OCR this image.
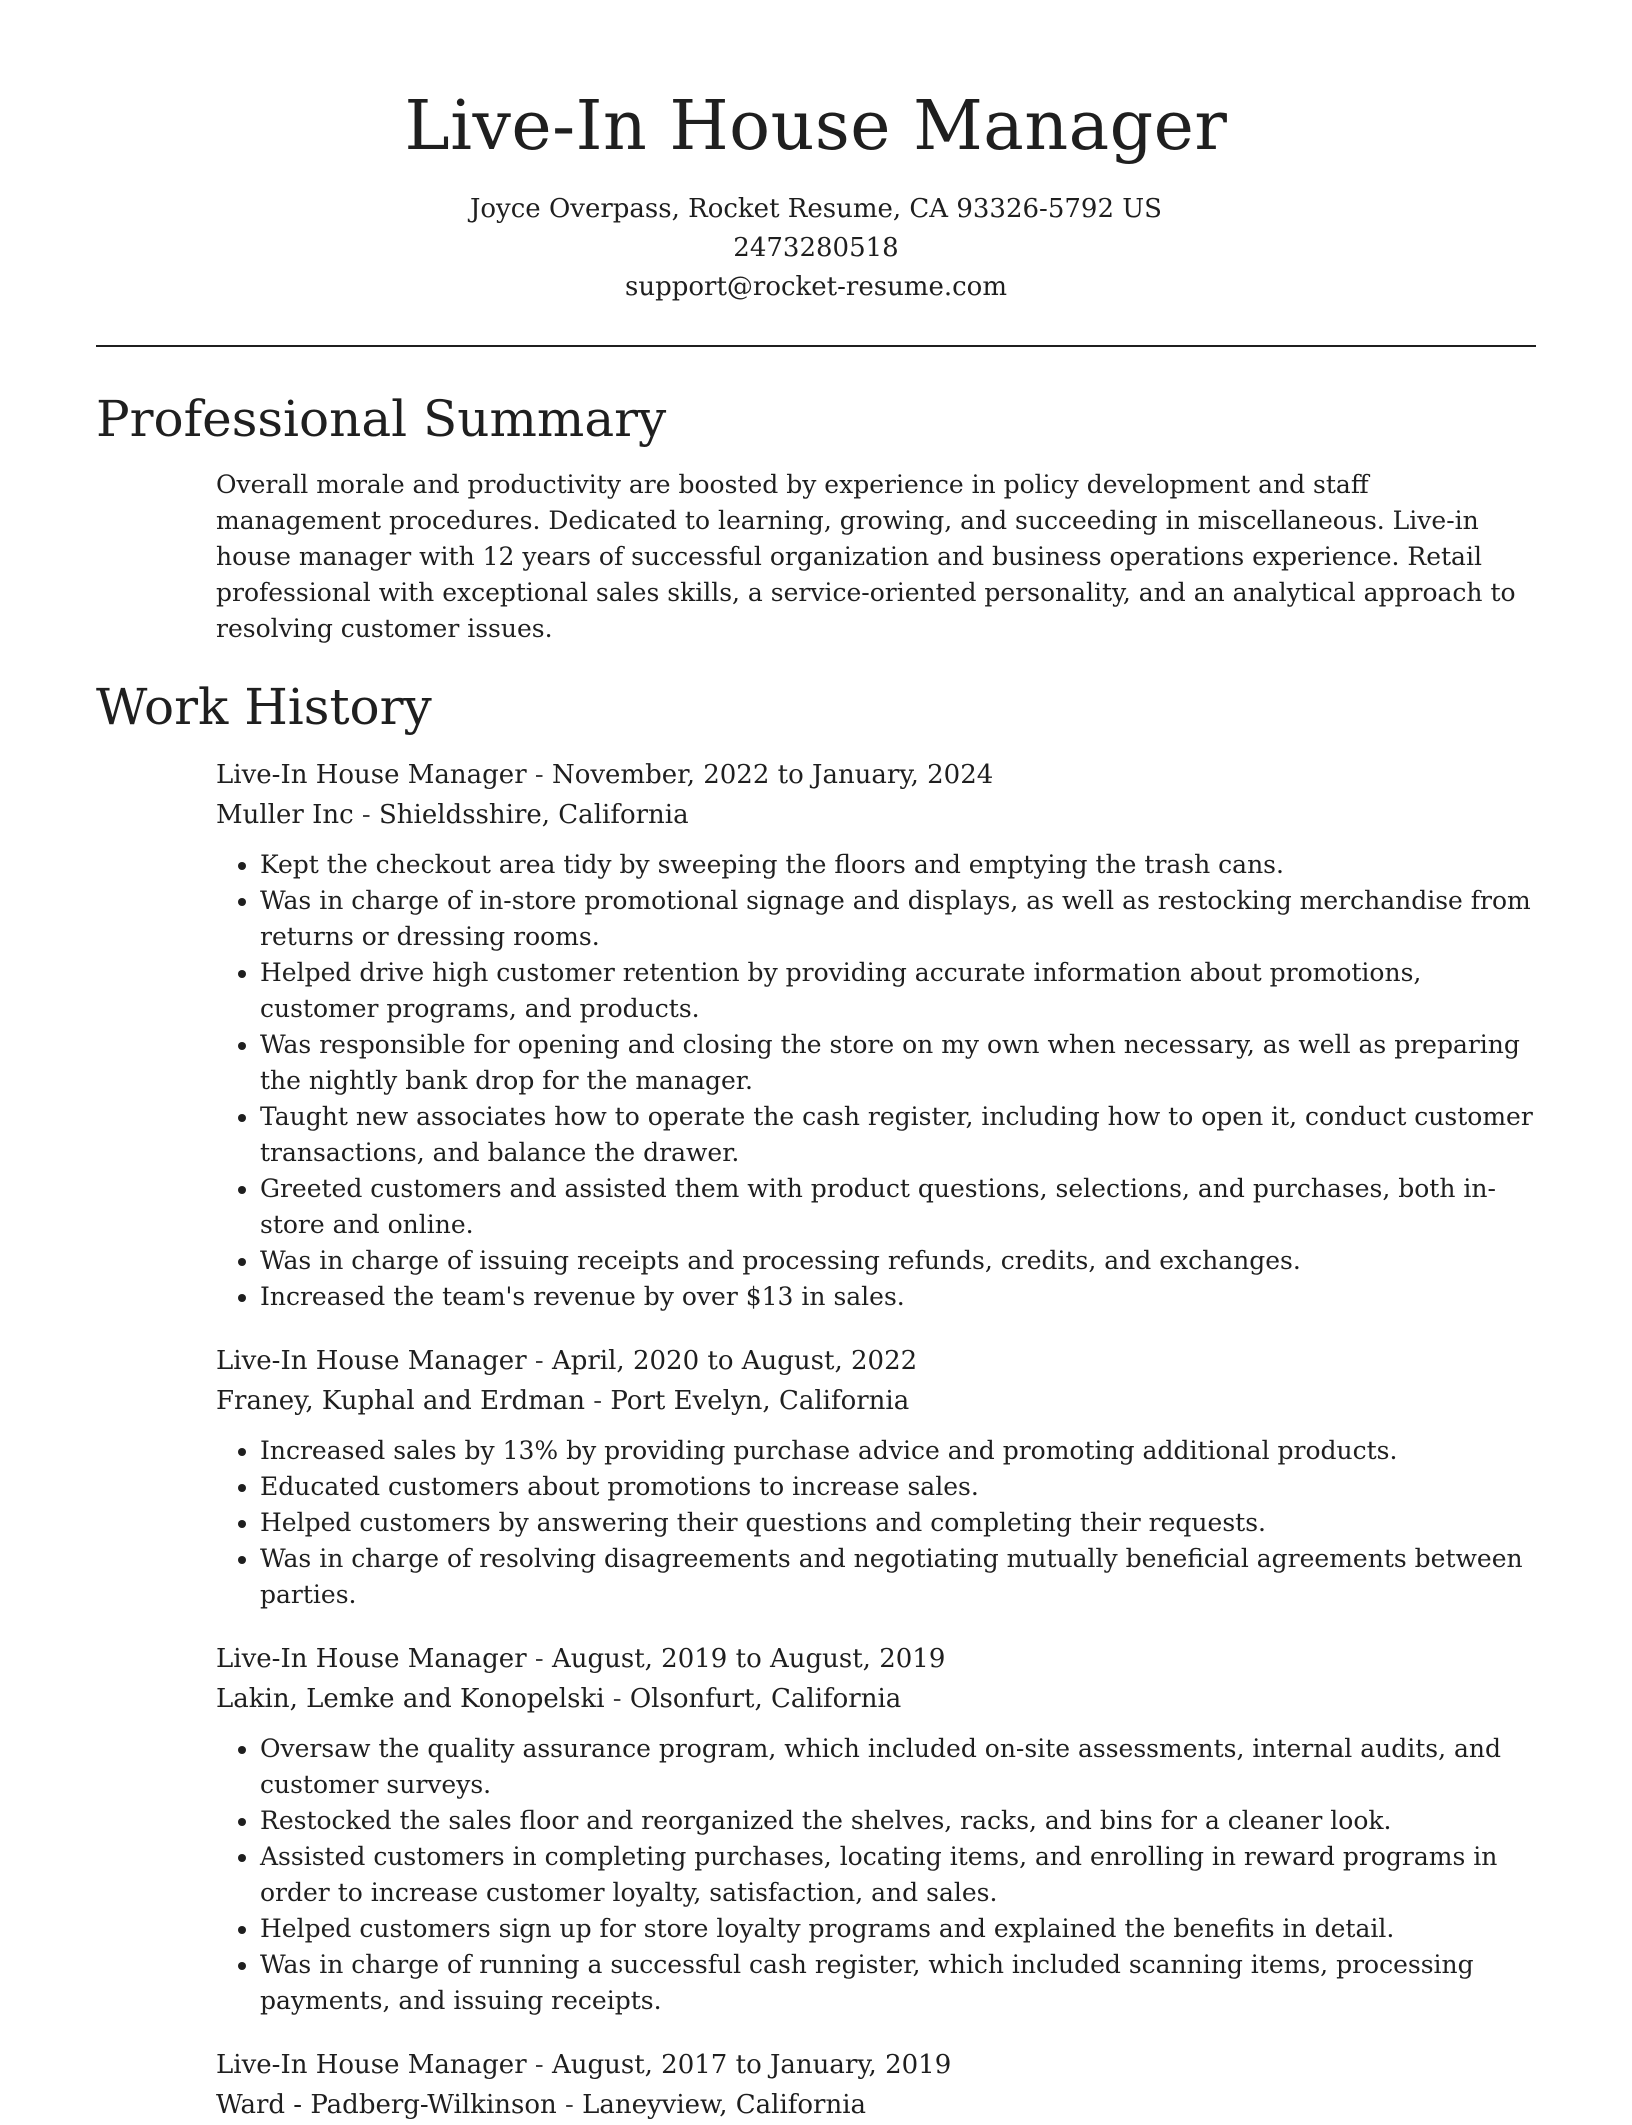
Live-In House Manager
Joyce Overpass, Rocket Resume, CA 93326-5792 US
2473280518
support@rocket-resume.com
Professional Summary

Overall morale and productivity are boosted by experience in policy development and staff management procedures. Dedicated to learning, growing, and succeeding in miscellaneous. Live-in house manager with 12 years of successful organization and business operations experience. Retail professional with exceptional sales skills, a service-oriented personality, and an analytical approach to resolving customer issues.

Work History
Live-In House Manager - November, 2022 to January, 2024
Muller Inc - Shieldsshire, California
• Kept the checkout area tidy by sweeping the floors and emptying the trash cans.
• Was in charge of in-store promotional signage and displays, as well as restocking merchandise from returns or dressing rooms.
• Helped drive high customer retention by providing accurate information about promotions, customer programs, and products.
• Was responsible for opening and closing the store on my own when necessary, as well as preparing the nightly bank drop for the manager.
• Taught new associates how to operate the cash register, including how to open it, conduct customer transactions, and balance the drawer.
• Greeted customers and assisted them with product questions, selections, and purchases, both in-store and online.
• Was in charge of issuing receipts and processing refunds, credits, and exchanges.
• Increased the team's revenue by over $13 in sales.
Live-In House Manager - April, 2020 to August, 2022
Franey, Kuphal and Erdman - Port Evelyn, California
• Increased sales by 13% by providing purchase advice and promoting additional products.
• Educated customers about promotions to increase sales.
• Helped customers by answering their questions and completing their requests.
• Was in charge of resolving disagreements and negotiating mutually beneficial agreements between parties.
Live-In House Manager - August, 2019 to August, 2019
Lakin, Lemke and Konopelski - Olsonfurt, California
• Oversaw the quality assurance program, which included on-site assessments, internal audits, and customer surveys.
• Restocked the sales floor and reorganized the shelves, racks, and bins for a cleaner look.
• Assisted customers in completing purchases, locating items, and enrolling in reward programs in order to increase customer loyalty, satisfaction, and sales.
• Helped customers sign up for store loyalty programs and explained the benefits in detail.
• Was in charge of running a successful cash register, which included scanning items, processing payments, and issuing receipts.
Live-In House Manager - August, 2017 to January, 2019
Ward - Padberg-Wilkinson - Laneyview, California
